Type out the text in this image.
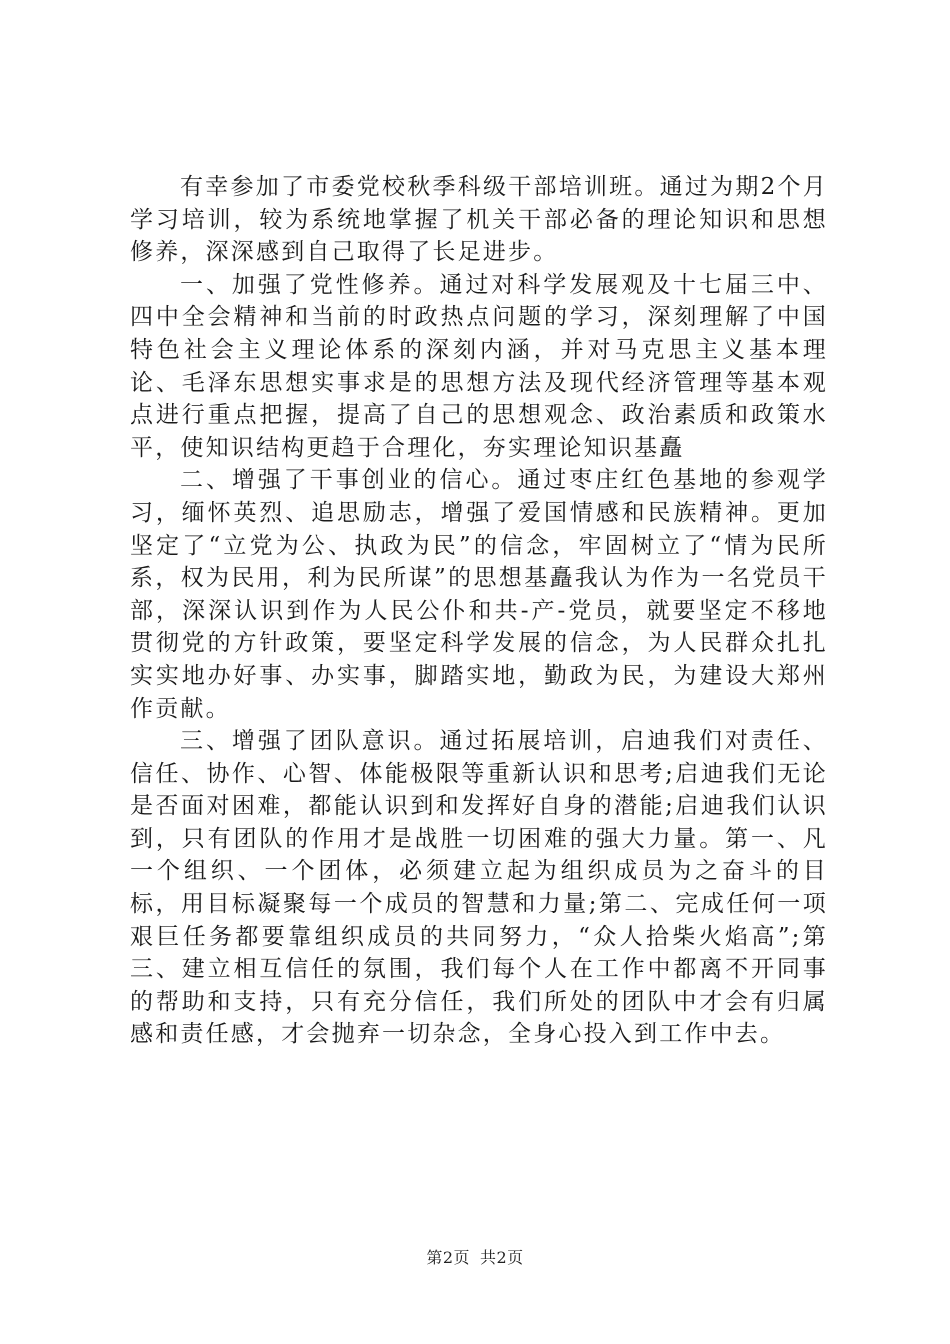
有幸参加了市委党校秋季科级干部培训班。通过为期2个月学习培训，较为系统地掌握了机关干部必备的理论知识和思想修养，深深感到自己取得了长足进步。

一、加强了党性修养。通过对科学发展观及十七届三中、四中全会精神和当前的时政热点问题的学习，深刻理解了中国特色社会主义理论体系的深刻内涵，并对马克思主义基本理论、毛泽东思想实事求是的思想方法及现代经济管理等基本观点进行重点把握，提高了自己的思想观念、政治素质和政策水平，使知识结构更趋于合理化，夯实理论知识基矗

二、增强了干事创业的信心。通过枣庄红色基地的参观学习，缅怀英烈、追思励志，增强了爱国情感和民族精神。更加坚定了“立党为公、执政为民”的信念，牢固树立了“情为民所系，权为民用，利为民所谋”的思想基矗我认为作为一名党员干部，深深认识到作为人民公仆和共-产-党员，就要坚定不移地贯彻党的方针政策，要坚定科学发展的信念，为人民群众扎扎实实地办好事、办实事，脚踏实地，勤政为民，为建设大郑州作贡献。

三、增强了团队意识。通过拓展培训，启迪我们对责任、信任、协作、心智、体能极限等重新认识和思考;启迪我们无论是否面对困难，都能认识到和发挥好自身的潜能;启迪我们认识到，只有团队的作用才是战胜一切困难的强大力量。第一、凡一个组织、一个团体，必须建立起为组织成员为之奋斗的目标，用目标凝聚每一个成员的智慧和力量;第二、完成任何一项艰巨任务都要靠组织成员的共同努力，“众人拾柴火焰高”;第三、建立相互信任的氛围，我们每个人在工作中都离不开同事的帮助和支持，只有充分信任，我们所处的团队中才会有归属感和责任感，才会抛弃一切杂念，全身心投入到工作中去。

第2页 共2页
